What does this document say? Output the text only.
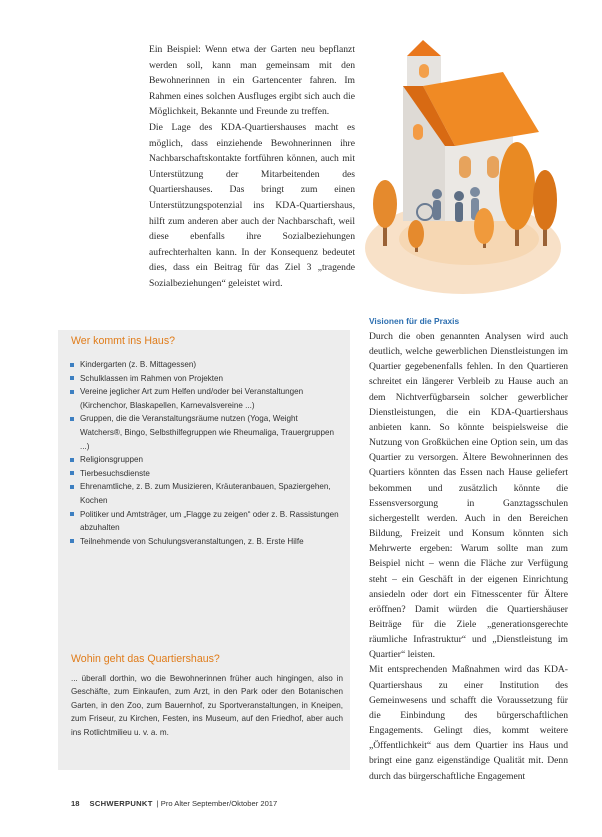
Ein Beispiel: Wenn etwa der Garten neu bepflanzt werden soll, kann man gemeinsam mit den Bewohnerinnen in ein Gartencenter fahren. Im Rahmen eines solchen Ausfluges ergibt sich auch die Möglichkeit, Bekannte und Freunde zu treffen.

Die Lage des KDA-Quartiershauses macht es möglich, dass einziehende Bewohnerinnen ihre Nachbarschaftskontakte fortführen können, auch mit Unterstützung der Mitarbeitenden des Quartiershauses. Das bringt zum einen Unterstützungspotenzial ins KDA-Quartiershaus, hilft zum anderen aber auch der Nachbarschaft, weil diese ebenfalls ihre Sozialbeziehungen aufrechterhalten kann. In der Konsequenz bedeutet dies, dass ein Beitrag für das Ziel 3 „tragende Sozialbeziehungen“ geleistet wird.

Wer kommt ins Haus?
Kindergarten (z. B. Mittagessen)
Schulklassen im Rahmen von Projekten
Vereine jeglicher Art zum Helfen und/oder bei Veranstaltungen (Kirchenchor, Blaskapellen, Karnevalsvereine ...)
Gruppen, die die Veranstaltungsräume nutzen (Yoga, Weight Watchers®, Bingo, Selbsthilfegruppen wie Rheumaliga, Trauergruppen ...)
Religionsgruppen
Tierbesuchsdienste
Ehrenamtliche, z. B. zum Musizieren, Kräuteranbauen, Spaziergehen, Kochen
Politiker und Amtsträger, um „Flagge zu zeigen“ oder z. B. Rassistungen abzuhalten
Teilnehmende von Schulungsveranstaltungen, z. B. Erste Hilfe
Wohin geht das Quartiershaus?
... überall dorthin, wo die Bewohnerinnen früher auch hingingen, also in Geschäfte, zum Einkaufen, zum Arzt, in den Park oder den Botanischen Garten, in den Zoo, zum Bauernhof, zu Sportveranstaltungen, in Kneipen, zum Friseur, zu Kirchen, Festen, ins Museum, auf den Friedhof, aber auch ins Rotlichtmilieu u. v. a. m.
Visionen für die Praxis

Durch die oben genannten Analysen wird auch deutlich, welche gewerblichen Dienstleistungen im Quartier gegebenenfalls fehlen. In den Quartieren schreitet ein längerer Verbleib zu Hause auch an dem Nichtverfügbarsein solcher gewerblicher Dienstleistungen, die ein KDA-Quartiershaus anbieten kann. So könnte beispielsweise die Nutzung von Großküchen eine Option sein, um das Quartier zu versorgen. Ältere Bewohnerinnen des Quartiers könnten das Essen nach Hause geliefert bekommen und zusätzlich könnte die Essensversorgung in Ganztagsschulen sichergestellt werden. Auch in den Bereichen Bildung, Freizeit und Konsum könnten sich Mehrwerte ergeben: Warum sollte man zum Beispiel nicht – wenn die Fläche zur Verfügung steht – ein Geschäft in der eigenen Einrichtung ansiedeln oder dort ein Fitnesscenter für Ältere eröffnen? Damit würden die Quartiershäuser Beiträge für die Ziele „generationsgerechte räumliche Infrastruktur“ und „Dienstleistung im Quartier“ leisten.

Mit entsprechenden Maßnahmen wird das KDA-Quartiershaus zu einer Institution des Gemeinwesens und schafft die Voraussetzung für die Einbindung des bürgerschaftlichen Engagements. Gelingt dies, kommt weitere „Öffentlichkeit“ aus dem Quartier ins Haus und bringt eine ganz eigenständige Qualität mit. Denn durch das bürgerschaftliche Engagement

18 SCHWERPUNKT | Pro Alter September/Oktober 2017
